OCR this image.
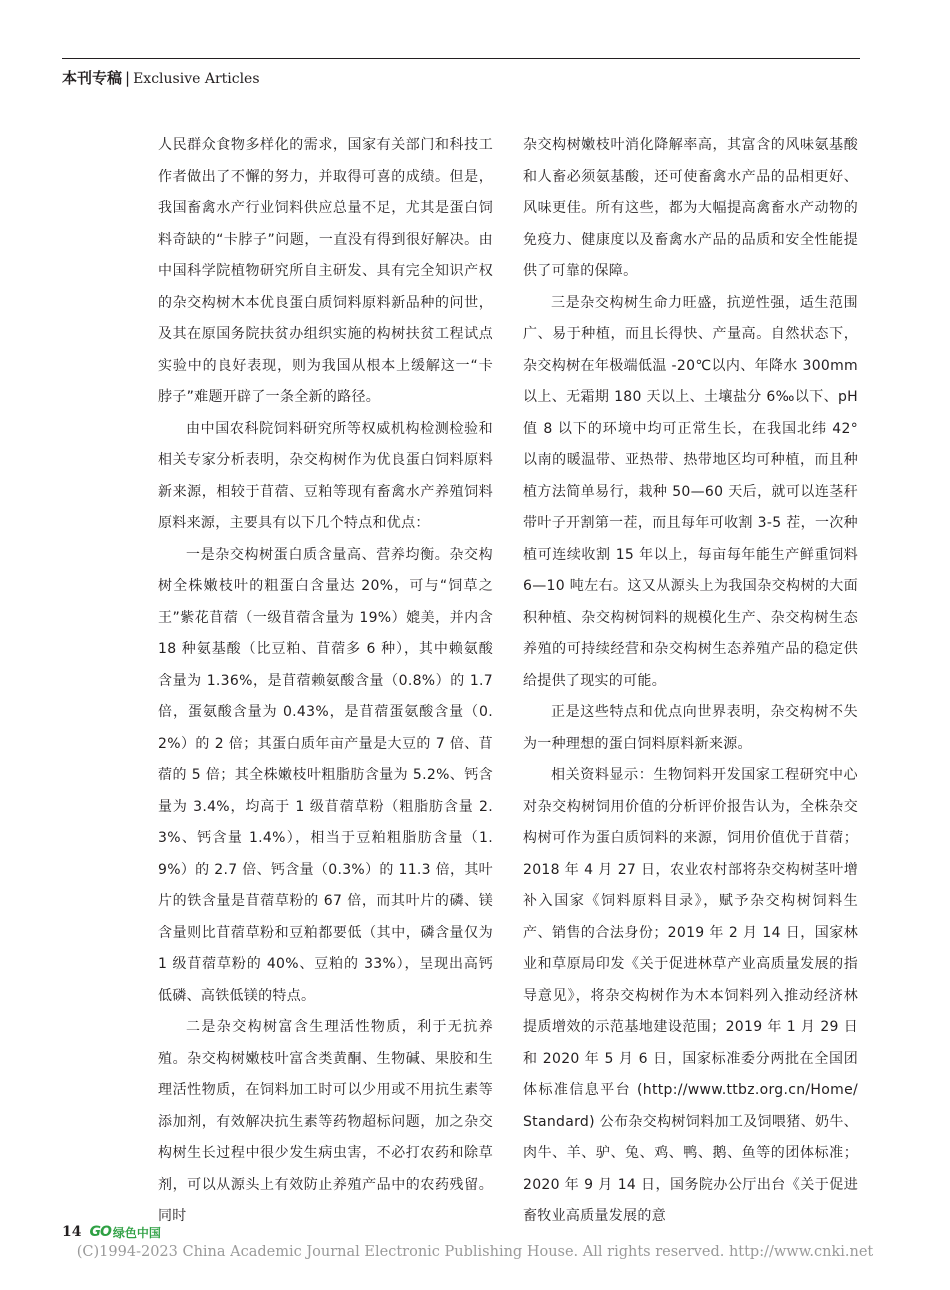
本刊专稿 | Exclusive Articles

人民群众食物多样化的需求，国家有关部门和科技工作者做出了不懈的努力，并取得可喜的成绩。但是，我国畜禽水产行业饲料供应总量不足，尤其是蛋白饲料奇缺的“卡脖子”问题，一直没有得到很好解决。由中国科学院植物研究所自主研发、具有完全知识产权的杂交构树木本优良蛋白质饲料原料新品种的问世，及其在原国务院扶贫办组织实施的构树扶贫工程试点实验中的良好表现，则为我国从根本上缓解这一“卡脖子”难题开辟了一条全新的路径。

由中国农科院饲料研究所等权威机构检测检验和相关专家分析表明，杂交构树作为优良蛋白饲料原料新来源，相较于苜蓿、豆粕等现有畜禽水产养殖饲料原料来源，主要具有以下几个特点和优点：

一是杂交构树蛋白质含量高、营养均衡。杂交构树全株嫩枝叶的粗蛋白含量达 20%，可与“饲草之王”紫花苜蓿（一级苜蓿含量为 19%）媲美，并内含 18 种氨基酸（比豆粕、苜蓿多 6 种），其中赖氨酸含量为 1.36%，是苜蓿赖氨酸含量（0.8%）的 1.7 倍，蛋氨酸含量为 0.43%，是苜蓿蛋氨酸含量（0.2%）的 2 倍；其蛋白质年亩产量是大豆的 7 倍、苜蓿的 5 倍；其全株嫩枝叶粗脂肪含量为 5.2%、钙含量为 3.4%，均高于 1 级苜蓿草粉（粗脂肪含量 2.3%、钙含量 1.4%），相当于豆粕粗脂肪含量（1.9%）的 2.7 倍、钙含量（0.3%）的 11.3 倍，其叶片的铁含量是苜蓿草粉的 67 倍，而其叶片的磷、镁含量则比苜蓿草粉和豆粕都要低（其中，磷含量仅为 1 级苜蓿草粉的 40%、豆粕的 33%），呈现出高钙低磷、高铁低镁的特点。

二是杂交构树富含生理活性物质，利于无抗养殖。杂交构树嫩枝叶富含类黄酮、生物碱、果胶和生理活性物质，在饲料加工时可以少用或不用抗生素等添加剂，有效解决抗生素等药物超标问题，加之杂交构树生长过程中很少发生病虫害，不必打农药和除草剂，可以从源头上有效防止养殖产品中的农药残留。同时

杂交构树嫩枝叶消化降解率高，其富含的风味氨基酸和人畜必须氨基酸，还可使畜禽水产品的品相更好、风味更佳。所有这些，都为大幅提高禽畜水产动物的免疫力、健康度以及畜禽水产品的品质和安全性能提供了可靠的保障。

三是杂交构树生命力旺盛，抗逆性强，适生范围广、易于种植，而且长得快、产量高。自然状态下，杂交构树在年极端低温 -20℃以内、年降水 300mm 以上、无霜期 180 天以上、土壤盐分 6‰以下、pH 值 8 以下的环境中均可正常生长，在我国北纬 42° 以南的暖温带、亚热带、热带地区均可种植，而且种植方法简单易行，栽种 50—60 天后，就可以连茎秆带叶子开割第一茬，而且每年可收割 3-5 茬，一次种植可连续收割 15 年以上，每亩每年能生产鲜重饲料 6—10 吨左右。这又从源头上为我国杂交构树的大面积种植、杂交构树饲料的规模化生产、杂交构树生态养殖的可持续经营和杂交构树生态养殖产品的稳定供给提供了现实的可能。

正是这些特点和优点向世界表明，杂交构树不失为一种理想的蛋白饲料原料新来源。

相关资料显示：生物饲料开发国家工程研究中心对杂交构树饲用价值的分析评价报告认为，全株杂交构树可作为蛋白质饲料的来源，饲用价值优于苜蓿；2018 年 4 月 27 日，农业农村部将杂交构树茎叶增补入国家《饲料原料目录》，赋予杂交构树饲料生产、销售的合法身份；2019 年 2 月 14 日，国家林业和草原局印发《关于促进林草产业高质量发展的指导意见》，将杂交构树作为木本饲料列入推动经济林提质增效的示范基地建设范围；2019 年 1 月 29 日和 2020 年 5 月 6 日，国家标准委分两批在全国团体标准信息平台 (http://www.ttbz.org.cn/Home/Standard) 公布杂交构树饲料加工及饲喂猪、奶牛、肉牛、羊、驴、兔、鸡、鸭、鹅、鱼等的团体标准；2020 年 9 月 14 日，国务院办公厅出台《关于促进畜牧业高质量发展的意

14 GO 绿色中国
(C)1994-2023 China Academic Journal Electronic Publishing House. All rights reserved. http://www.cnki.net
